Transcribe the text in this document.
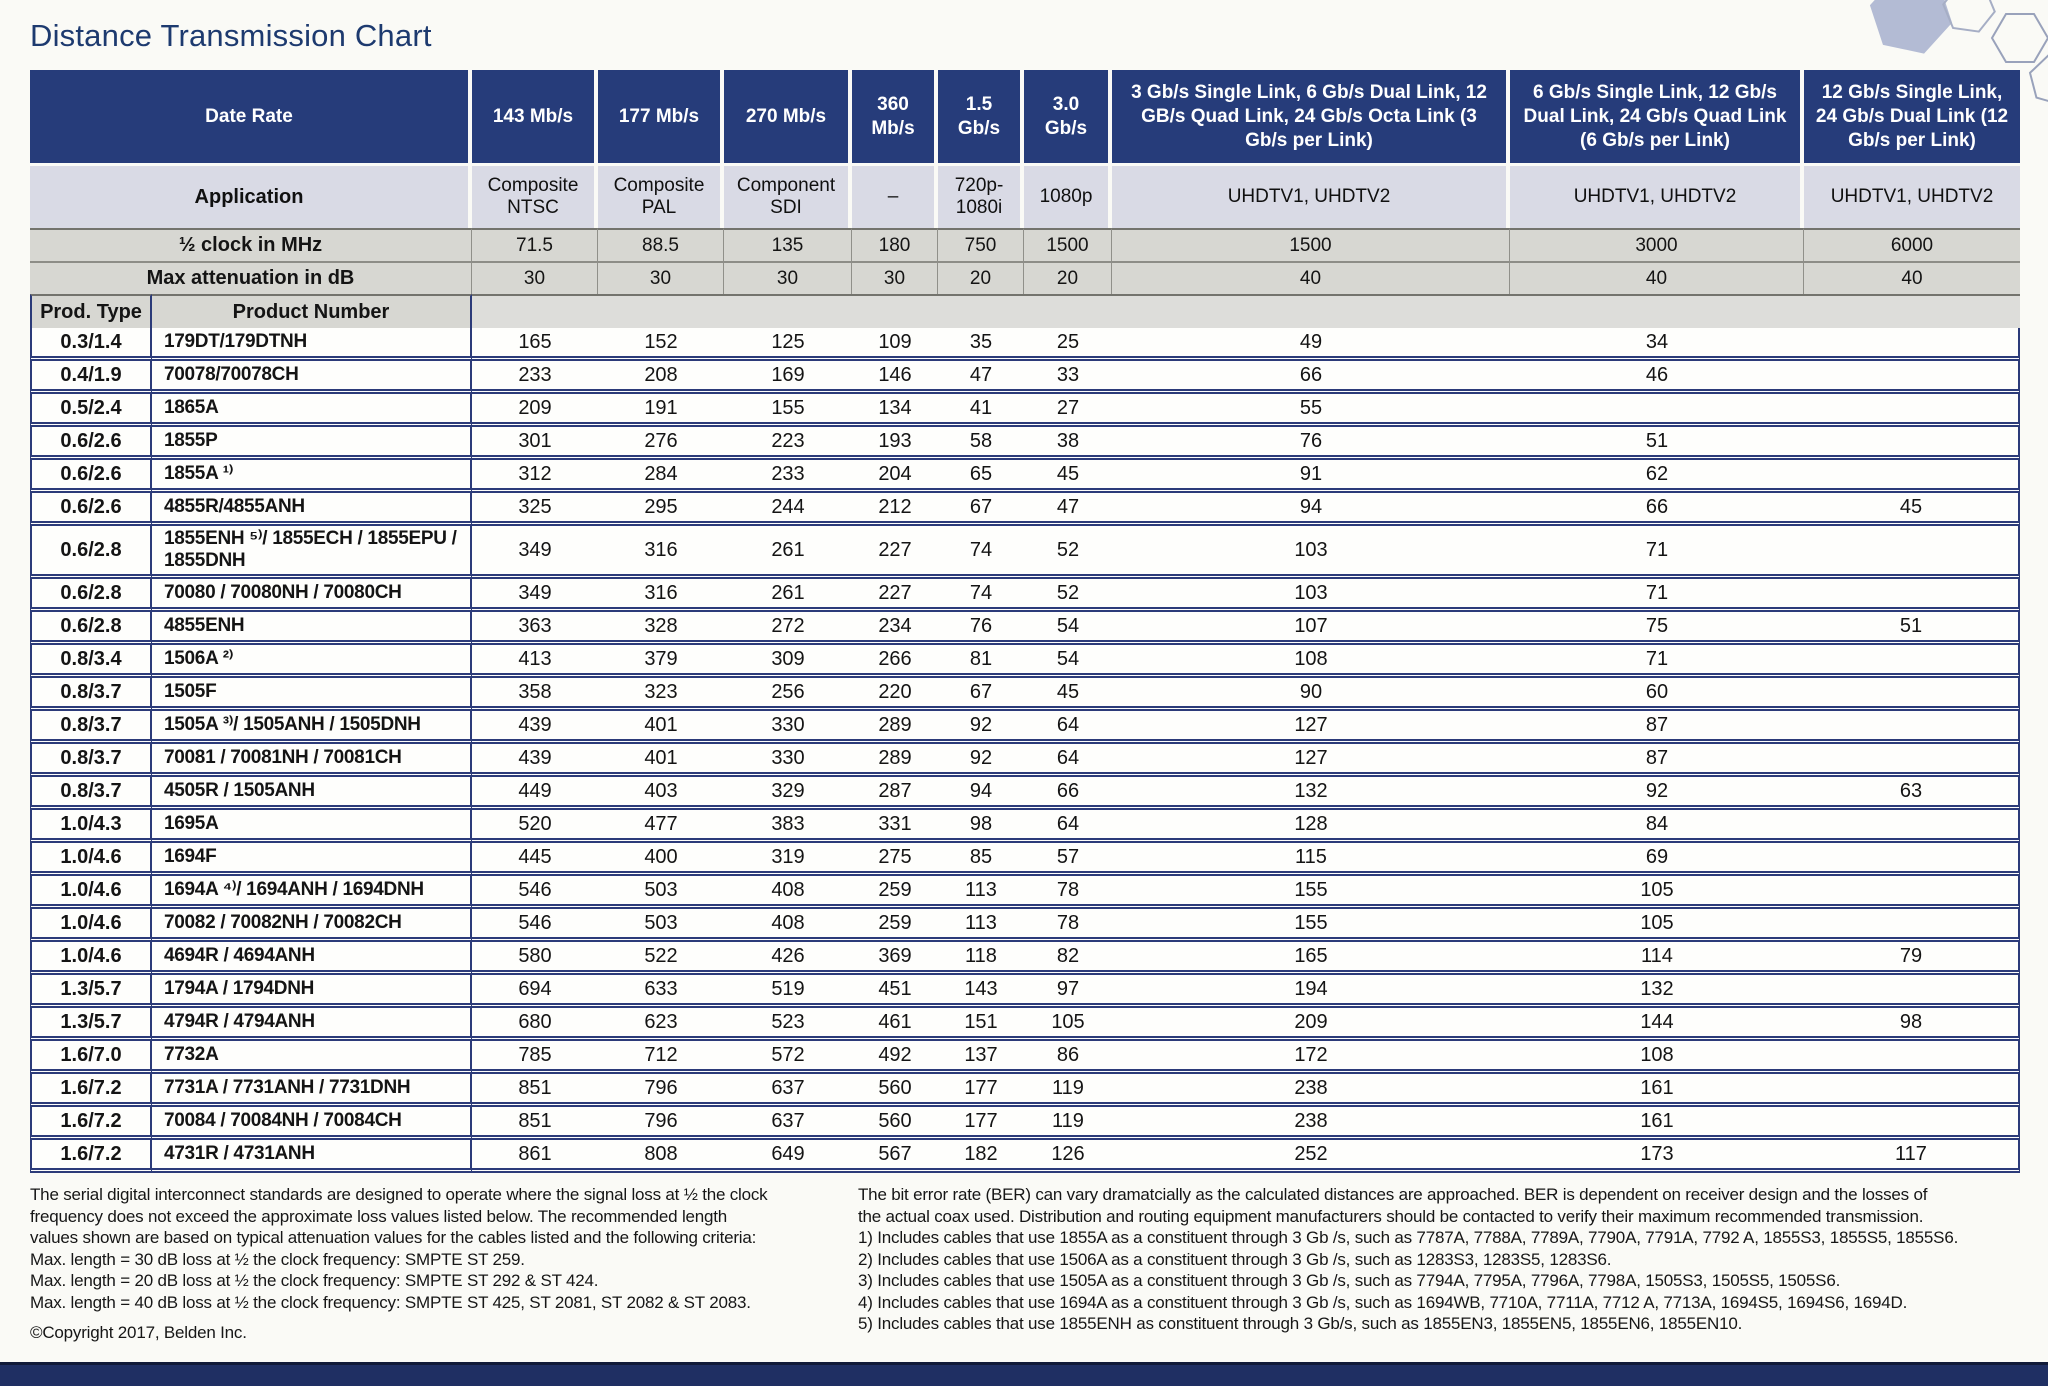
Distance Transmission Chart
Date Rate		143 Mb/s	177 Mb/s	270 Mb/s	360 Mb/s	1.5 Gb/s	3.0 Gb/s	3 Gb/s Single Link, 6 Gb/s Dual Link, 12 GB/s Quad Link, 24 Gb/s Octa Link (3 Gb/s per Link)	6 Gb/s Single Link, 12 Gb/s Dual Link, 24 Gb/s Quad Link (6 Gb/s per Link)	12 Gb/s Single Link, 24 Gb/s Dual Link (12 Gb/s per Link)
Application		Composite NTSC	Composite PAL	Component SDI	–	720p- 1080i	1080p	UHDTV1, UHDTV2	UHDTV1, UHDTV2	UHDTV1, UHDTV2
½ clock in MHz		71.5	88.5	135	180	750	1500	1500	3000	6000
Max attenuation in dB		30	30	30	30	20	20	40	40	40
Prod. Type	Product Number									
0.3/1.4	179DT/179DTNH	165	152	125	109	35	25	49	34	
0.4/1.9	70078/70078CH	233	208	169	146	47	33	66	46	
0.5/2.4	1865A	209	191	155	134	41	27	55		
0.6/2.6	1855P	301	276	223	193	58	38	76	51	
0.6/2.6	1855A ¹⁾	312	284	233	204	65	45	91	62	
0.6/2.6	4855R/4855ANH	325	295	244	212	67	47	94	66	45
0.6/2.8	1855ENH ⁵⁾/ 1855ECH / 1855EPU / 1855DNH	349	316	261	227	74	52	103	71	
0.6/2.8	70080 / 70080NH / 70080CH	349	316	261	227	74	52	103	71	
0.6/2.8	4855ENH	363	328	272	234	76	54	107	75	51
0.8/3.4	1506A ²⁾	413	379	309	266	81	54	108	71	
0.8/3.7	1505F	358	323	256	220	67	45	90	60	
0.8/3.7	1505A ³⁾/ 1505ANH / 1505DNH	439	401	330	289	92	64	127	87	
0.8/3.7	70081 / 70081NH / 70081CH	439	401	330	289	92	64	127	87	
0.8/3.7	4505R / 1505ANH	449	403	329	287	94	66	132	92	63
1.0/4.3	1695A	520	477	383	331	98	64	128	84	
1.0/4.6	1694F	445	400	319	275	85	57	115	69	
1.0/4.6	1694A ⁴⁾/ 1694ANH / 1694DNH	546	503	408	259	113	78	155	105	
1.0/4.6	70082 / 70082NH / 70082CH	546	503	408	259	113	78	155	105	
1.0/4.6	4694R / 4694ANH	580	522	426	369	118	82	165	114	79
1.3/5.7	1794A / 1794DNH	694	633	519	451	143	97	194	132	
1.3/5.7	4794R / 4794ANH	680	623	523	461	151	105	209	144	98
1.6/7.0	7732A	785	712	572	492	137	86	172	108	
1.6/7.2	7731A / 7731ANH / 7731DNH	851	796	637	560	177	119	238	161	
1.6/7.2	70084 / 70084NH / 70084CH	851	796	637	560	177	119	238	161	
1.6/7.2	4731R / 4731ANH	861	808	649	567	182	126	252	173	117
The serial digital interconnect standards are designed to operate where the signal loss at ½ the clock
frequency does not exceed the approximate loss values listed below. The recommended length
values shown are based on typical attenuation values for the cables listed and the following criteria:
Max. length = 30 dB loss at ½ the clock frequency: SMPTE ST 259.
Max. length = 20 dB loss at ½ the clock frequency: SMPTE ST 292 & ST 424.
Max. length = 40 dB loss at ½ the clock frequency: SMPTE ST 425, ST 2081, ST 2082 & ST 2083.
©Copyright 2017, Belden Inc.
The bit error rate (BER) can vary dramatcially as the calculated distances are approached. BER is dependent on receiver design and the losses of
the actual coax used. Distribution and routing equipment manufacturers should be contacted to verify their maximum recommended transmission.
1) Includes cables that use 1855A as a constituent through 3 Gb /s, such as 7787A, 7788A, 7789A, 7790A, 7791A, 7792 A, 1855S3, 1855S5, 1855S6.
2) Includes cables that use 1506A as a constituent through 3 Gb /s, such as 1283S3, 1283S5, 1283S6.
3) Includes cables that use 1505A as a constituent through 3 Gb /s, such as 7794A, 7795A, 7796A, 7798A, 1505S3, 1505S5, 1505S6.
4) Includes cables that use 1694A as a constituent through 3 Gb /s, such as 1694WB, 7710A, 7711A, 7712 A, 7713A, 1694S5, 1694S6, 1694D.
5) Includes cables that use 1855ENH as constituent through 3 Gb/s, such as 1855EN3, 1855EN5, 1855EN6, 1855EN10.
